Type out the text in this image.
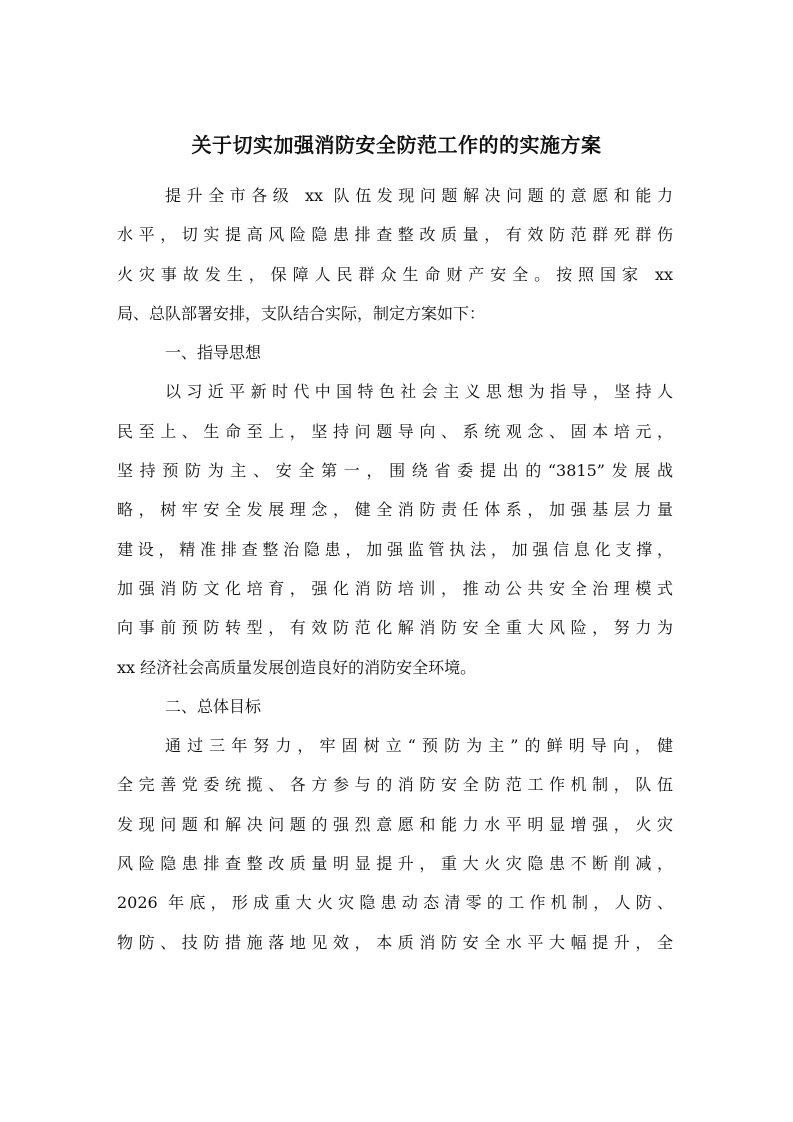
关于切实加强消防安全防范工作的的实施方案
提升全市各级 xx 队伍发现问题解决问题的意愿和能力
水平，切实提高风险隐患排查整改质量，有效防范群死群伤
火灾事故发生，保障人民群众生命财产安全。按照国家 xx
局、总队部署安排，支队结合实际，制定方案如下：
一、指导思想
以习近平新时代中国特色社会主义思想为指导，坚持人
民至上、生命至上，坚持问题导向、系统观念、固本培元，
坚持预防为主、安全第一，围绕省委提出的“3815”发展战
略，树牢安全发展理念，健全消防责任体系，加强基层力量
建设，精准排查整治隐患，加强监管执法，加强信息化支撑，
加强消防文化培育，强化消防培训，推动公共安全治理模式
向事前预防转型，有效防范化解消防安全重大风险，努力为
xx 经济社会高质量发展创造良好的消防安全环境。
二、总体目标
通过三年努力，牢固树立“预防为主”的鲜明导向，健
全完善党委统揽、各方参与的消防安全防范工作机制，队伍
发现问题和解决问题的强烈意愿和能力水平明显增强，火灾
风险隐患排查整改质量明显提升，重大火灾隐患不断削减，
2026 年底，形成重大火灾隐患动态清零的工作机制，人防、
物防、技防措施落地见效，本质消防安全水平大幅提升，全
